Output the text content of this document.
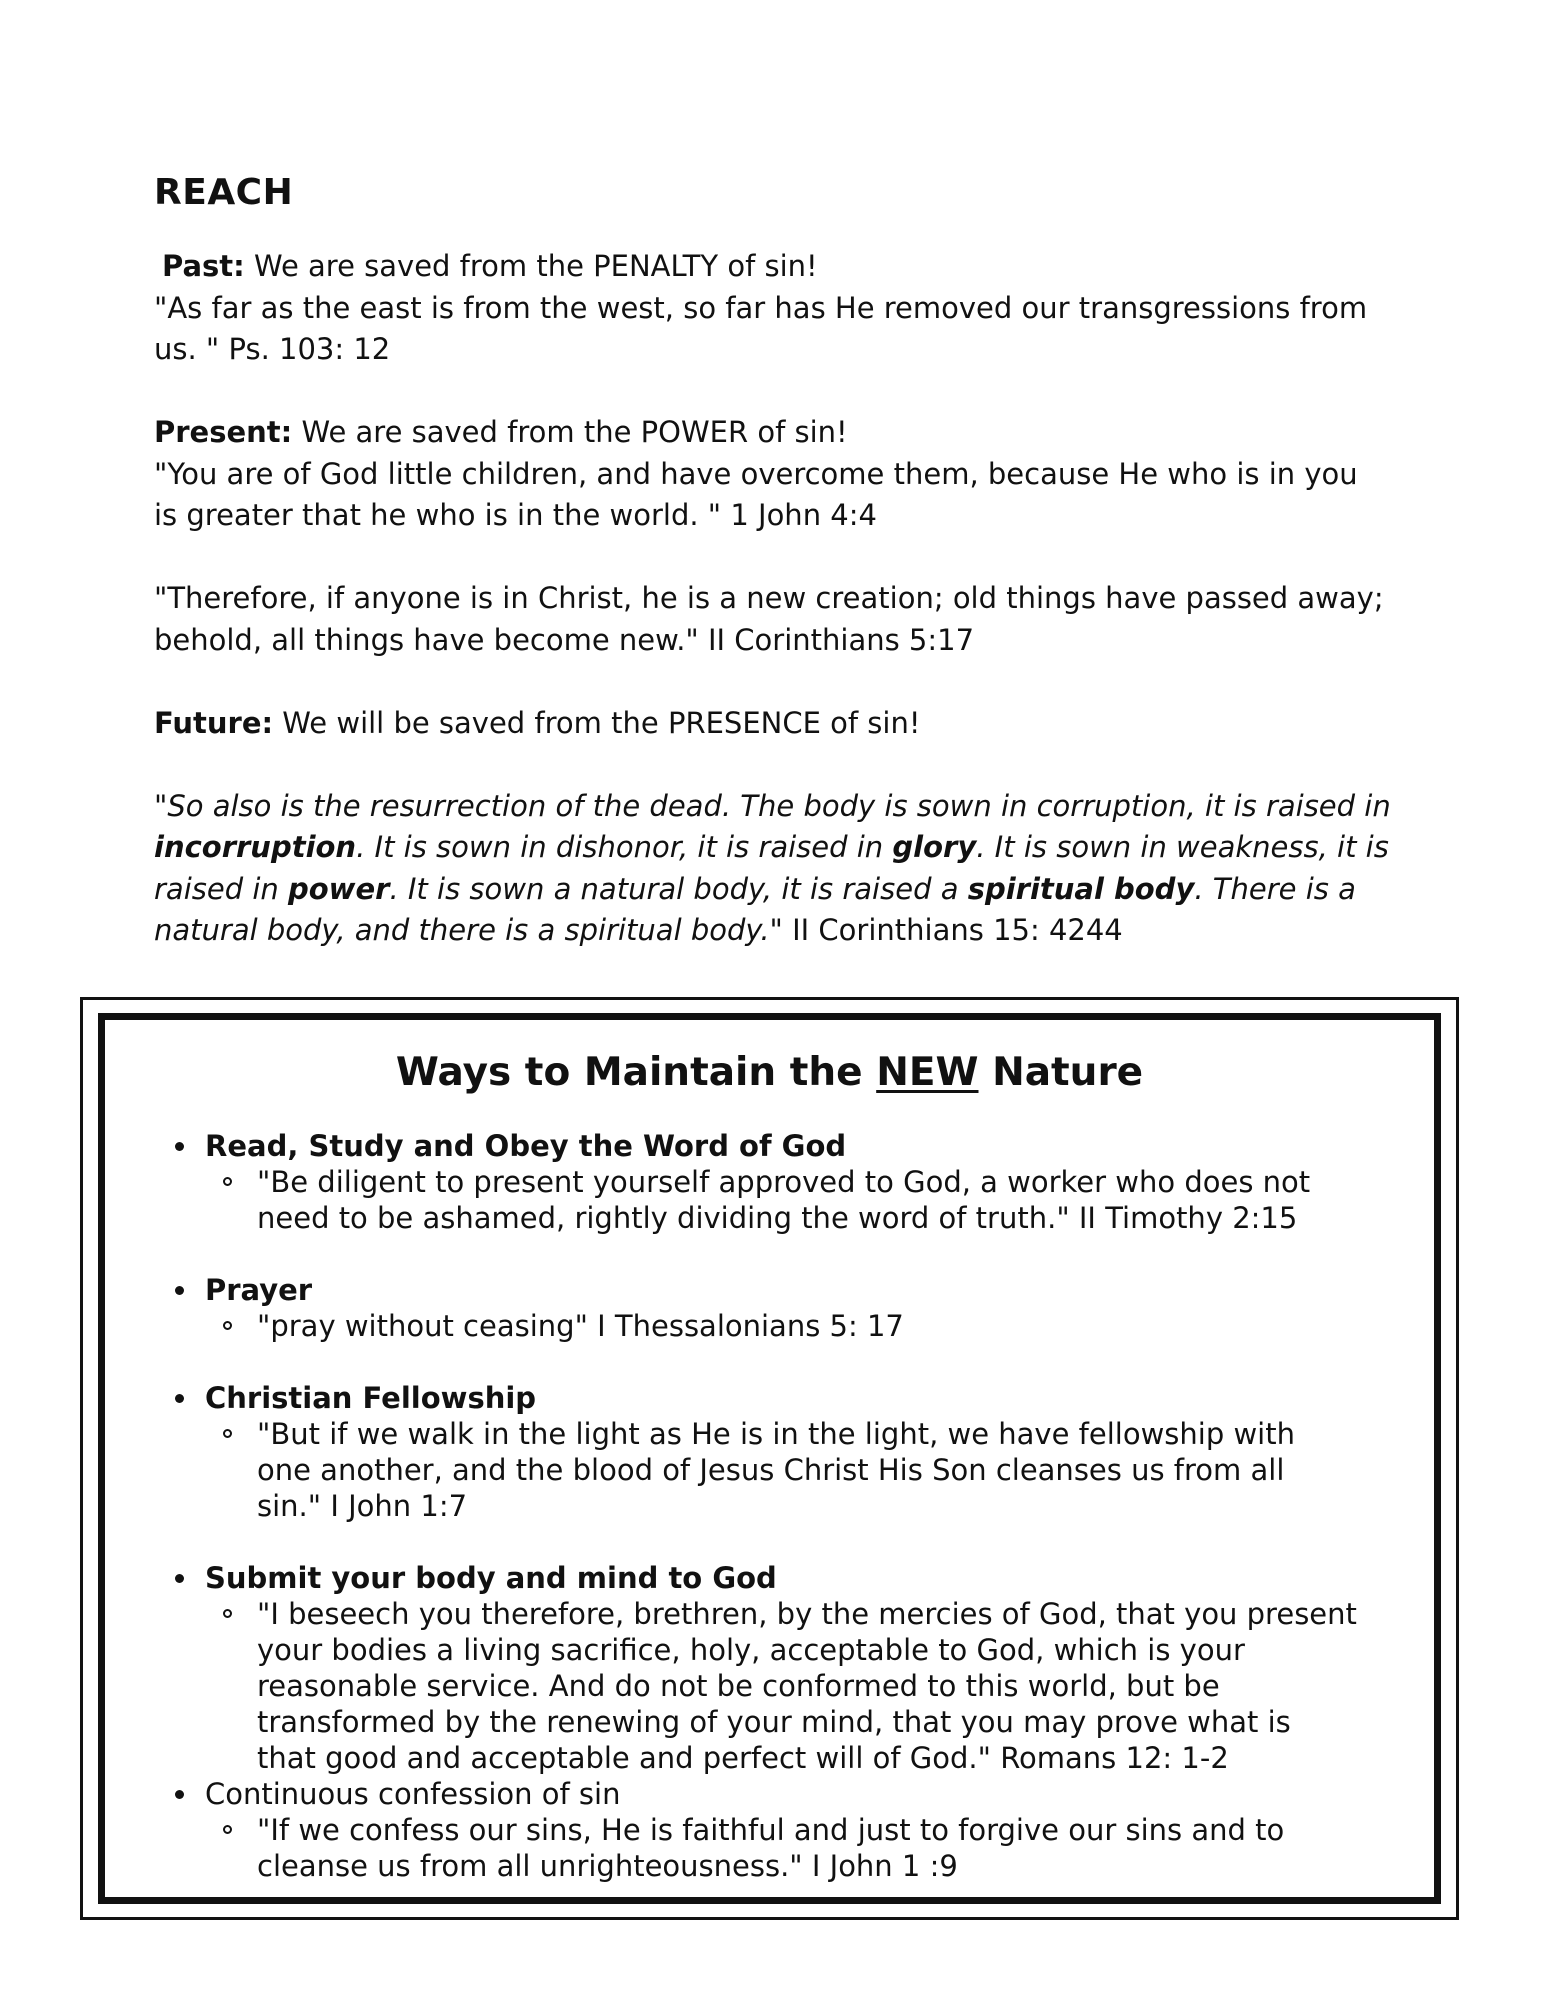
REACH

Past: We are saved from the PENALTY of sin!

"As far as the east is from the west, so far has He removed our transgressions from
us. " Ps. 103: 12

Present: We are saved from the POWER of sin!
"You are of God little children, and have overcome them, because He who is in you
is greater that he who is in the world. " 1 John 4:4

"Therefore, if anyone is in Christ, he is a new creation; old things have passed away;
behold, all things have become new." II Corinthians 5:17

Future: We will be saved from the PRESENCE of sin!

"So also is the resurrection of the dead. The body is sown in corruption, it is raised in
incorruption. It is sown in dishonor, it is raised in glory. It is sown in weakness, it is
raised in power. It is sown a natural body, it is raised a spiritual body. There is a
natural body, and there is a spiritual body." II Corinthians 15: 4244

Ways to Maintain the NEW Nature
Read, Study and Obey the Word of God
"Be diligent to present yourself approved to God, a worker who does not
need to be ashamed, rightly dividing the word of truth." II Timothy 2:15
Prayer
"pray without ceasing" I Thessalonians 5: 17
Christian Fellowship
"But if we walk in the light as He is in the light, we have fellowship with
one another, and the blood of Jesus Christ His Son cleanses us from all
sin." I John 1:7
Submit your body and mind to God
"I beseech you therefore, brethren, by the mercies of God, that you present
your bodies a living sacrifice, holy, acceptable to God, which is your
reasonable service. And do not be conformed to this world, but be
transformed by the renewing of your mind, that you may prove what is
that good and acceptable and perfect will of God." Romans 12: 1-2
Continuous confession of sin
"If we confess our sins, He is faithful and just to forgive our sins and to
cleanse us from all unrighteousness." I John 1 :9
